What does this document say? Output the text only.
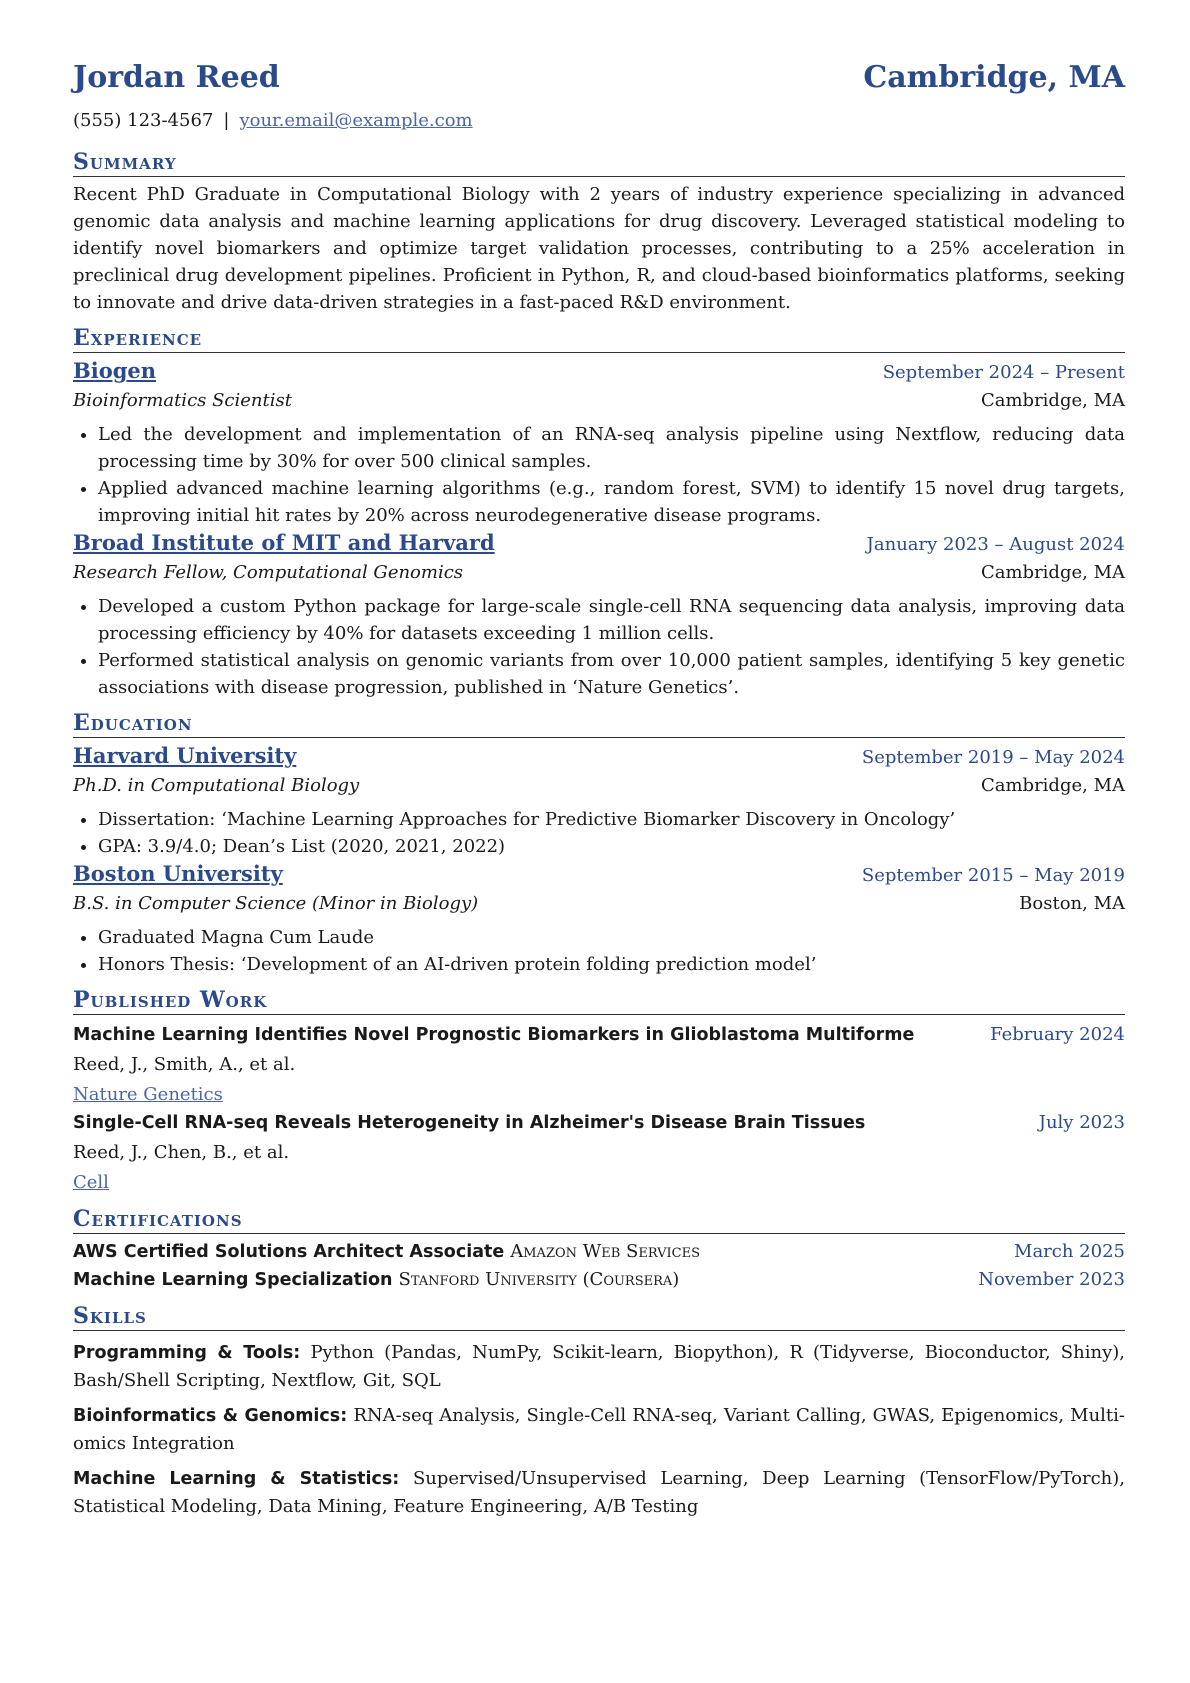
Jordan Reed	Cambridge, MA
(555) 123-4567 | your.email@example.com
Summary
Recent PhD Graduate in Computational Biology with 2 years of industry experience specializing in advanced genomic data analysis and machine learning applications for drug discovery. Leveraged statistical modeling to identify novel biomarkers and optimize target validation processes, contributing to a 25% acceleration in preclinical drug development pipelines. Proficient in Python, R, and cloud-based bioinformatics platforms, seeking to innovate and drive data-driven strategies in a fast-paced R&D environment.
Experience
Biogen	September 2024 – Present
Bioinformatics Scientist	Cambridge, MA
• Led the development and implementation of an RNA-seq analysis pipeline using Nextflow, reducing data processing time by 30% for over 500 clinical samples.
• Applied advanced machine learning algorithms (e.g., random forest, SVM) to identify 15 novel drug targets, improving initial hit rates by 20% across neurodegenerative disease programs.
Broad Institute of MIT and Harvard	January 2023 – August 2024
Research Fellow, Computational Genomics	Cambridge, MA
• Developed a custom Python package for large-scale single-cell RNA sequencing data analysis, improving data processing efficiency by 40% for datasets exceeding 1 million cells.
• Performed statistical analysis on genomic variants from over 10,000 patient samples, identifying 5 key genetic associations with disease progression, published in ‘Nature Genetics’.
Education
Harvard University	September 2019 – May 2024
Ph.D. in Computational Biology	Cambridge, MA
• Dissertation: ‘Machine Learning Approaches for Predictive Biomarker Discovery in Oncology’
• GPA: 3.9/4.0; Dean’s List (2020, 2021, 2022)
Boston University	September 2015 – May 2019
B.S. in Computer Science (Minor in Biology)	Boston, MA
• Graduated Magna Cum Laude
• Honors Thesis: ‘Development of an AI-driven protein folding prediction model’
Published Work
Machine Learning Identifies Novel Prognostic Biomarkers in Glioblastoma Multiforme	February 2024
Reed, J., Smith, A., et al.
Nature Genetics
Single-Cell RNA-seq Reveals Heterogeneity in Alzheimer's Disease Brain Tissues	July 2023
Reed, J., Chen, B., et al.
Cell
Certifications
AWS Certified Solutions Architect Associate Amazon Web Services	March 2025
Machine Learning Specialization Stanford University (Coursera)	November 2023
Skills
Programming & Tools: Python (Pandas, NumPy, Scikit-learn, Biopython), R (Tidyverse, Bioconductor, Shiny), Bash/Shell Scripting, Nextflow, Git, SQL
Bioinformatics & Genomics: RNA-seq Analysis, Single-Cell RNA-seq, Variant Calling, GWAS, Epigenomics, Multi-omics Integration
Machine Learning & Statistics: Supervised/Unsupervised Learning, Deep Learning (TensorFlow/PyTorch), Statistical Modeling, Data Mining, Feature Engineering, A/B Testing
